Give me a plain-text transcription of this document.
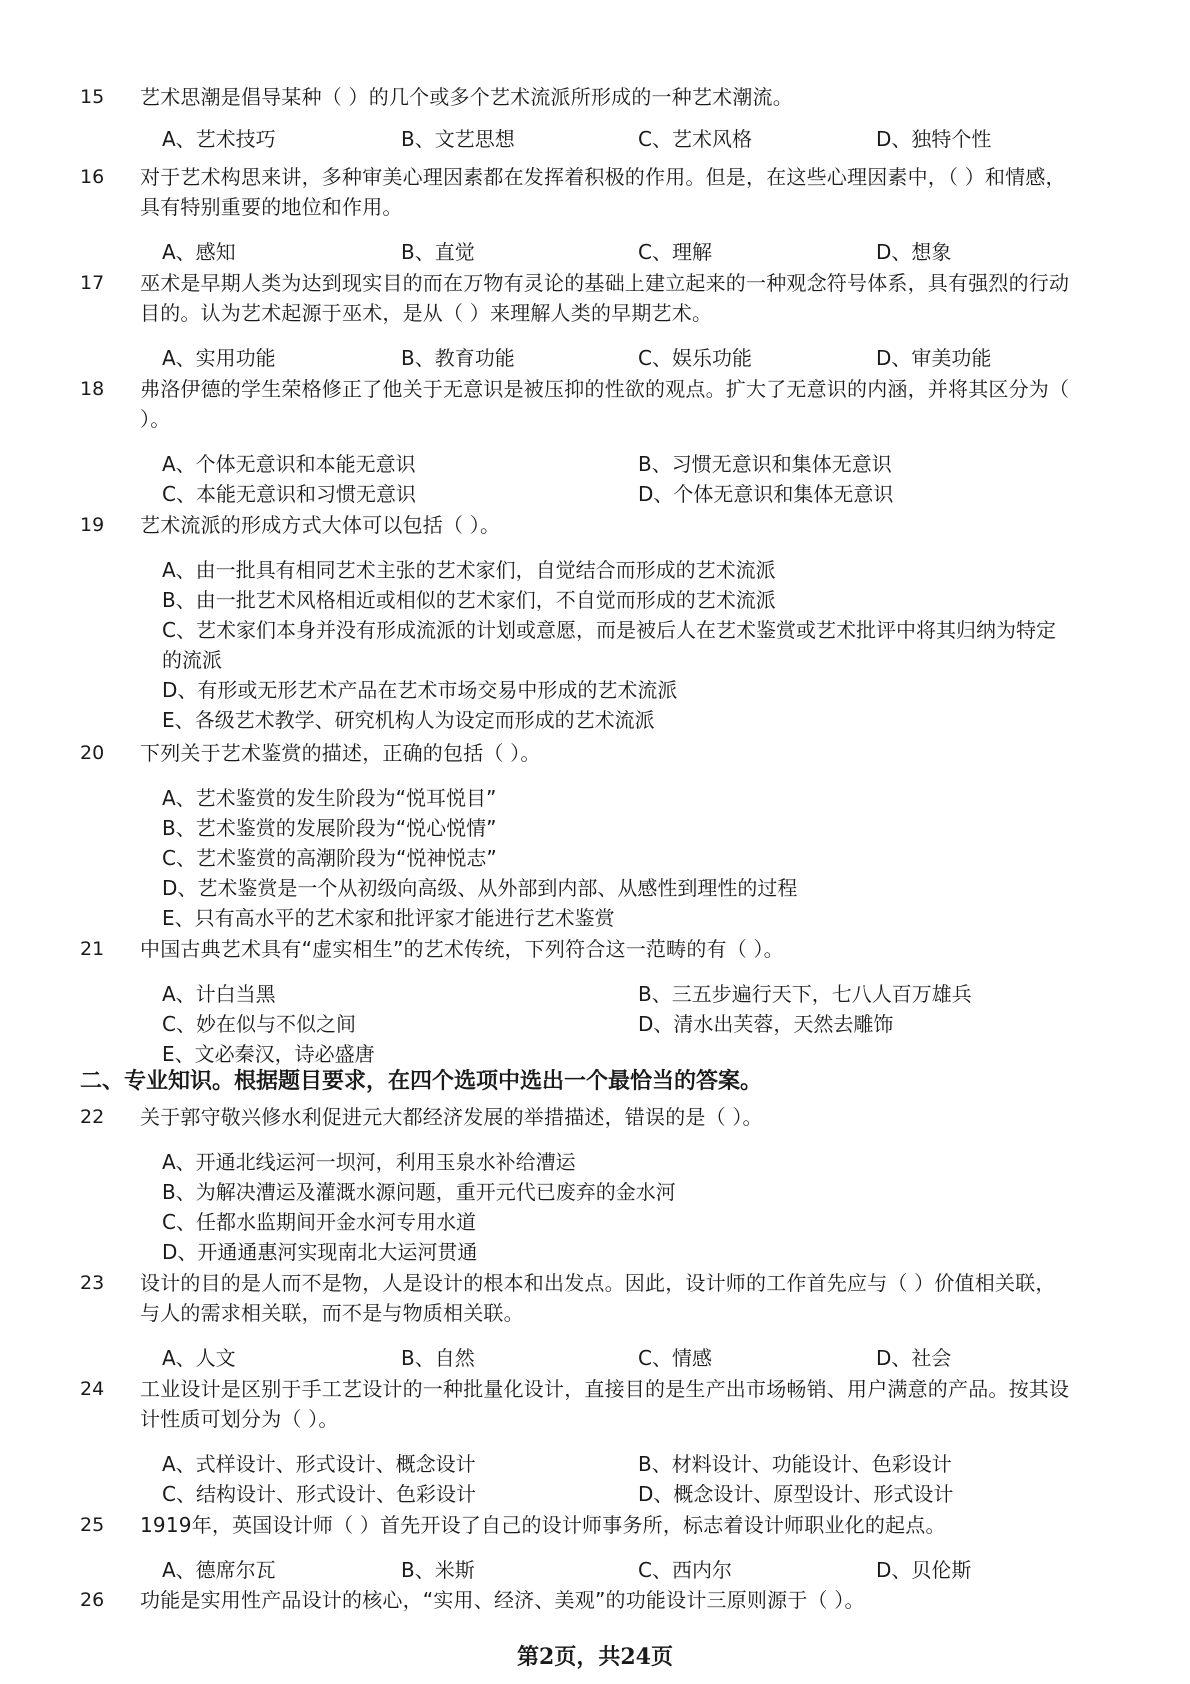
15	艺术思潮是倡导某种（ ）的几个或多个艺术流派所形成的一种艺术潮流。
A、艺术技巧	B、文艺思想	C、艺术风格	D、独特个性
16	对于艺术构思来讲，多种审美心理因素都在发挥着积极的作用。但是，在这些心理因素中，（ ）和情感，具有特别重要的地位和作用。
A、感知	B、直觉	C、理解	D、想象
17	巫术是早期人类为达到现实目的而在万物有灵论的基础上建立起来的一种观念符号体系，具有强烈的行动目的。认为艺术起源于巫术，是从（ ）来理解人类的早期艺术。
A、实用功能	B、教育功能	C、娱乐功能	D、审美功能
18	弗洛伊德的学生荣格修正了他关于无意识是被压抑的性欲的观点。扩大了无意识的内涵，并将其区分为（ ）。
A、个体无意识和本能无意识	B、习惯无意识和集体无意识
C、本能无意识和习惯无意识	D、个体无意识和集体无意识
19	艺术流派的形成方式大体可以包括（ ）。
A、由一批具有相同艺术主张的艺术家们，自觉结合而形成的艺术流派
B、由一批艺术风格相近或相似的艺术家们，不自觉而形成的艺术流派
C、艺术家们本身并没有形成流派的计划或意愿，而是被后人在艺术鉴赏或艺术批评中将其归纳为特定的流派
D、有形或无形艺术产品在艺术市场交易中形成的艺术流派
E、各级艺术教学、研究机构人为设定而形成的艺术流派
20	下列关于艺术鉴赏的描述，正确的包括（ ）。
A、艺术鉴赏的发生阶段为“悦耳悦目”
B、艺术鉴赏的发展阶段为“悦心悦情”
C、艺术鉴赏的高潮阶段为“悦神悦志”
D、艺术鉴赏是一个从初级向高级、从外部到内部、从感性到理性的过程
E、只有高水平的艺术家和批评家才能进行艺术鉴赏
21	中国古典艺术具有“虚实相生”的艺术传统，下列符合这一范畴的有（ ）。
A、计白当黑	B、三五步遍行天下，七八人百万雄兵
C、妙在似与不似之间	D、清水出芙蓉，天然去雕饰
E、文必秦汉，诗必盛唐
二、专业知识。根据题目要求，在四个选项中选出一个最恰当的答案。
22	关于郭守敬兴修水利促进元大都经济发展的举措描述，错误的是（ ）。
A、开通北线运河一坝河，利用玉泉水补给漕运
B、为解决漕运及灌溉水源问题，重开元代已废弃的金水河
C、任都水监期间开金水河专用水道
D、开通通惠河实现南北大运河贯通
23	设计的目的是人而不是物，人是设计的根本和出发点。因此，设计师的工作首先应与（ ）价值相关联，与人的需求相关联，而不是与物质相关联。
A、人文	B、自然	C、情感	D、社会
24	工业设计是区别于手工艺设计的一种批量化设计，直接目的是生产出市场畅销、用户满意的产品。按其设计性质可划分为（ ）。
A、式样设计、形式设计、概念设计	B、材料设计、功能设计、色彩设计
C、结构设计、形式设计、色彩设计	D、概念设计、原型设计、形式设计
25	1919年，英国设计师（ ）首先开设了自己的设计师事务所，标志着设计师职业化的起点。
A、德席尔瓦	B、米斯	C、西内尔	D、贝伦斯
26	功能是实用性产品设计的核心，“实用、经济、美观”的功能设计三原则源于（ ）。
第2页，共24页
